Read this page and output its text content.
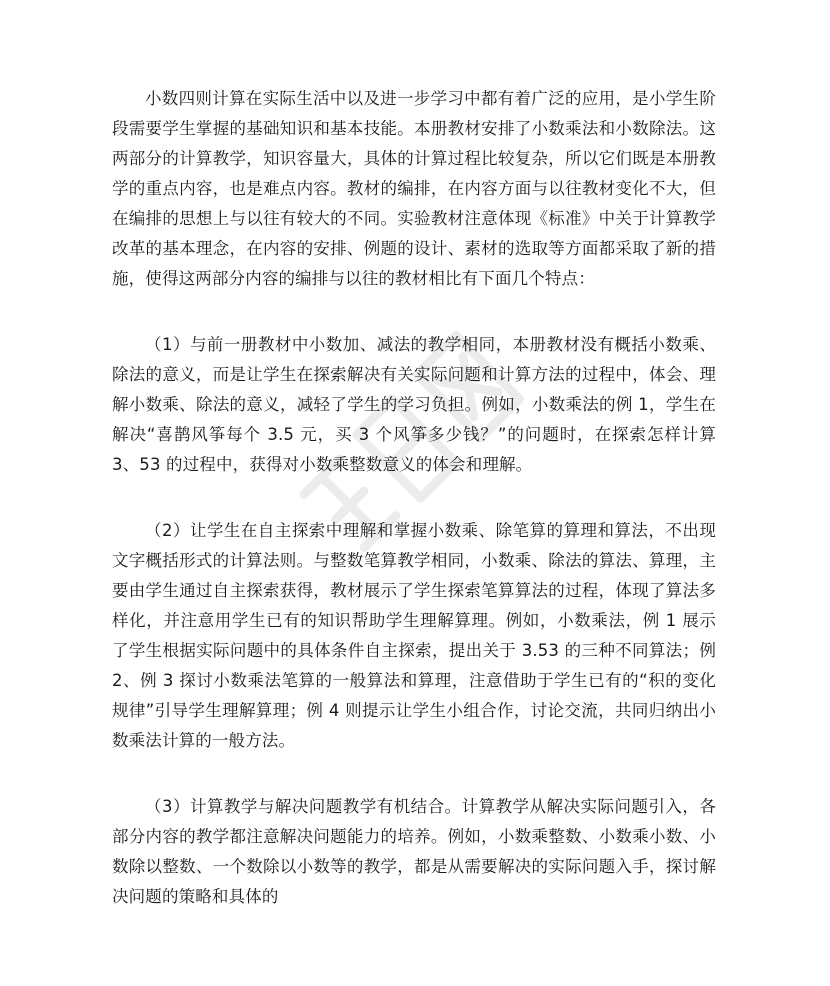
小数四则计算在实际生活中以及进一步学习中都有着广泛的应用，是小学生阶段需要学生掌握的基础知识和基本技能。本册教材安排了小数乘法和小数除法。这两部分的计算教学，知识容量大，具体的计算过程比较复杂，所以它们既是本册教学的重点内容，也是难点内容。教材的编排，在内容方面与以往教材变化不大，但在编排的思想上与以往有较大的不同。实验教材注意体现《标准》中关于计算教学改革的基本理念，在内容的安排、例题的设计、素材的选取等方面都采取了新的措施，使得这两部分内容的编排与以往的教材相比有下面几个特点：

（1）与前一册教材中小数加、减法的教学相同，本册教材没有概括小数乘、除法的意义，而是让学生在探索解决有关实际问题和计算方法的过程中，体会、理解小数乘、除法的意义，减轻了学生的学习负担。例如，小数乘法的例 1，学生在解决“喜鹊风筝每个 3.5 元，买 3 个风筝多少钱？”的问题时，在探索怎样计算 3、53 的过程中，获得对小数乘整数意义的体会和理解。

（2）让学生在自主探索中理解和掌握小数乘、除笔算的算理和算法，不出现文字概括形式的计算法则。与整数笔算教学相同，小数乘、除法的算法、算理，主要由学生通过自主探索获得，教材展示了学生探索笔算算法的过程，体现了算法多样化，并注意用学生已有的知识帮助学生理解算理。例如，小数乘法，例 1 展示了学生根据实际问题中的具体条件自主探索，提出关于 3.53 的三种不同算法；例 2、例 3 探讨小数乘法笔算的一般算法和算理，注意借助于学生已有的“积的变化规律”引导学生理解算理；例 4 则提示让学生小组合作，讨论交流，共同归纳出小数乘法计算的一般方法。

（3）计算教学与解决问题教学有机结合。计算教学从解决实际问题引入，各部分内容的教学都注意解决问题能力的培养。例如，小数乘整数、小数乘小数、小数除以整数、一个数除以小数等的教学，都是从需要解决的实际问题入手，探讨解决问题的策略和具体的
